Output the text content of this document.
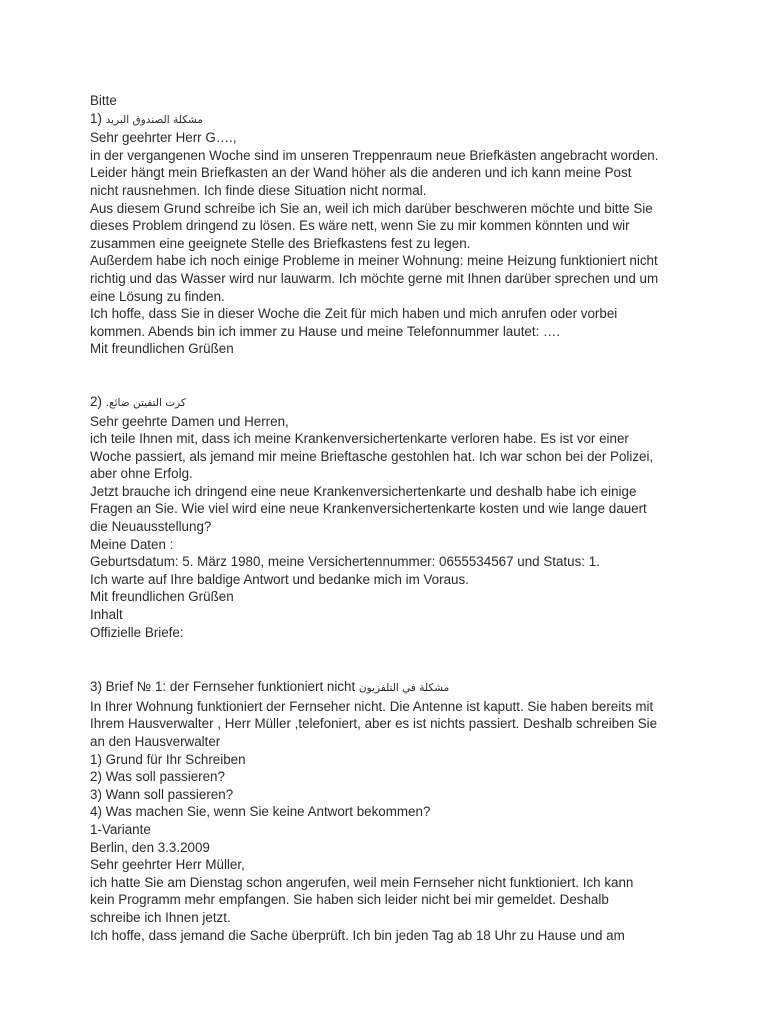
Bitte
1) مشكلة الصندوق البريد
Sehr geehrter Herr G….,
in der vergangenen Woche sind im unseren Treppenraum neue Briefkästen angebracht worden.
Leider hängt mein Briefkasten an der Wand höher als die anderen und ich kann meine Post
nicht rausnehmen. Ich finde diese Situation nicht normal.
Aus diesem Grund schreibe ich Sie an, weil ich mich darüber beschweren möchte und bitte Sie
dieses Problem dringend zu lösen. Es wäre nett, wenn Sie zu mir kommen könnten und wir
zusammen eine geeignete Stelle des Briefkastens fest zu legen.
Außerdem habe ich noch einige Probleme in meiner Wohnung: meine Heizung funktioniert nicht
richtig und das Wasser wird nur lauwarm. Ich möchte gerne mit Ihnen darüber sprechen und um
eine Lösung zu finden.
Ich hoffe, dass Sie in dieser Woche die Zeit für mich haben und mich anrufen oder vorbei
kommen. Abends bin ich immer zu Hause und meine Telefonnummer lautet: ….
Mit freundlichen Grüßen
2) كرت التفيتن ضائع.
Sehr geehrte Damen und Herren,
ich teile Ihnen mit, dass ich meine Krankenversichertenkarte verloren habe. Es ist vor einer
Woche passiert, als jemand mir meine Brieftasche gestohlen hat. Ich war schon bei der Polizei,
aber ohne Erfolg.
Jetzt brauche ich dringend eine neue Krankenversichertenkarte und deshalb habe ich einige
Fragen an Sie. Wie viel wird eine neue Krankenversichertenkarte kosten und wie lange dauert
die Neuausstellung?
Meine Daten :
Geburtsdatum: 5. März 1980, meine Versichertennummer: 0655534567 und Status: 1.
Ich warte auf Ihre baldige Antwort und bedanke mich im Voraus.
Mit freundlichen Grüßen
Inhalt
Offizielle Briefe:
3) Brief № 1: der Fernseher funktioniert nicht مشكلة في التلفزيون
In Ihrer Wohnung funktioniert der Fernseher nicht. Die Antenne ist kaputt. Sie haben bereits mit
Ihrem Hausverwalter , Herr Müller ,telefoniert, aber es ist nichts passiert. Deshalb schreiben Sie
an den Hausverwalter
1) Grund für Ihr Schreiben
2) Was soll passieren?
3) Wann soll passieren?
4) Was machen Sie, wenn Sie keine Antwort bekommen?
1-Variante
Berlin, den 3.3.2009
Sehr geehrter Herr Müller,
ich hatte Sie am Dienstag schon angerufen, weil mein Fernseher nicht funktioniert. Ich kann
kein Programm mehr empfangen. Sie haben sich leider nicht bei mir gemeldet. Deshalb
schreibe ich Ihnen jetzt.
Ich hoffe, dass jemand die Sache überprüft. Ich bin jeden Tag ab 18 Uhr zu Hause und am
